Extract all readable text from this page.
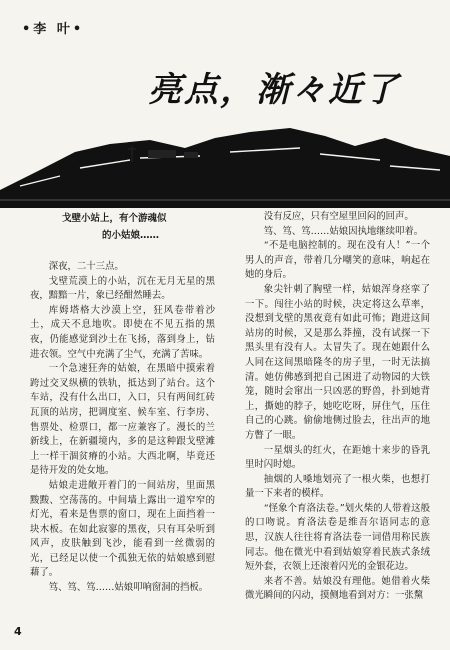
•李 叶•
亮点，渐々近了
戈壁小站上，有个游魂似
的小姑娘……

深夜，二十三点。

戈壁荒漠上的小站，沉在无月无星的黑夜，黯黯一片，象已经酣然睡去。

库姆塔格大沙漠上空，狂风卷带着沙土，成天不息地吹。即使在不见五指的黑夜，仍能感觉到沙土在飞扬，落到身上，钻进衣领。空气中充满了尘气，充满了苦味。

一个急速狂奔的姑娘，在黑暗中摸索着跨过交叉纵横的铁轨，抵达到了站台。这个车站，没有什么出口，入口，只有两间红砖瓦顶的站房，把调度室、候车室、行李房、售票处、检票口，都一应兼容了。漫长的兰新线上，在新疆境内，多的是这种跟戈壁滩上一样干涸贫瘠的小站。大西北啊，毕竟还是待开发的处女地。

姑娘走进敞开着门的一间站房，里面黑黢黢、空荡荡的。中间墙上露出一道窄窄的灯光，看来是售票的窗口，现在上面挡着一块木板。在如此寂寥的黑夜，只有耳朵听到风声，皮肤触到飞沙，能看到一丝微弱的光，已经足以使一个孤独无依的姑娘感到慰藉了。

笃、笃、笃……姑娘叩响窗洞的挡板。

没有反应，只有空屋里回闷的回声。

笃、笃、笃……姑娘因执地继续叩着。

“不是电脑控制的。现在没有人！”一个男人的声音，带着几分嘲笑的意味，响起在她的身后。

象尖针刺了胸壁一样，姑娘浑身痉挛了一下。闯往小站的时候，决定将这么草率，没想到戈壁的黑夜竟有如此可怖；跑进这间站房的时候，又是那么莽撞，没有试探一下黑头里有没有人。太冒失了。现在她跟什么人同在这间黑暗隆冬的房子里，一时无法搞清。她仿佛感到把自己困进了动物园的大铁笼，随时会窜出一只凶恶的野兽，扑到她背上，撕她的脖子，她吃吃呀，屏住气，压住自己的心跳。偷偷地侧过脸去，往出声的地方瞥了一眼。

一星烟头的红火，在距她十来步的昏乳里时闪时熄。

抽烟的人嗓地划亮了一根火柴，也想打量一下来者的模样。

“怪象个育洛法卷。”划火柴的人带着这般的口吻说。育洛法卷是维吾尔语同志的意思，汉族人往往将育洛法卷一词借用称民族同志。他在微光中看到姑娘穿着民族式条绒短外套，衣领上还滚着闪光的金银花边。

来者不善。姑娘没有理他。她借着火柴微光瞬间的闪动，摸侧地看到对方：一张黧

4
